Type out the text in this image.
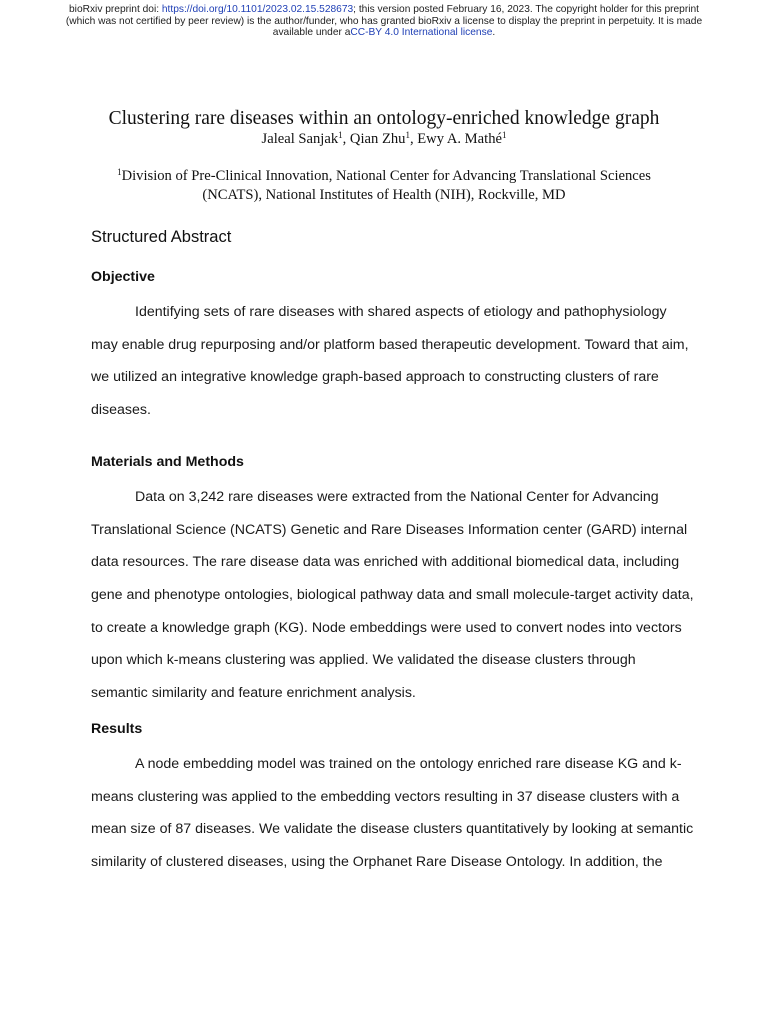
bioRxiv preprint doi: https://doi.org/10.1101/2023.02.15.528673; this version posted February 16, 2023. The copyright holder for this preprint
(which was not certified by peer review) is the author/funder, who has granted bioRxiv a license to display the preprint in perpetuity. It is made
available under aCC-BY 4.0 International license.
Clustering rare diseases within an ontology-enriched knowledge graph
Jaleal Sanjak$^1$, Qian Zhu$^1$, Ewy A. Mathé$^1$
$^1$Division of Pre-Clinical Innovation, National Center for Advancing Translational Sciences
(NCATS), National Institutes of Health (NIH), Rockville, MD
Structured Abstract
Objective
Identifying sets of rare diseases with shared aspects of etiology and pathophysiology
may enable drug repurposing and/or platform based therapeutic development. Toward that aim,
we utilized an integrative knowledge graph-based approach to constructing clusters of rare
diseases.
Materials and Methods
Data on 3,242 rare diseases were extracted from the National Center for Advancing
Translational Science (NCATS) Genetic and Rare Diseases Information center (GARD) internal
data resources. The rare disease data was enriched with additional biomedical data, including
gene and phenotype ontologies, biological pathway data and small molecule-target activity data,
to create a knowledge graph (KG). Node embeddings were used to convert nodes into vectors
upon which k-means clustering was applied. We validated the disease clusters through
semantic similarity and feature enrichment analysis.
Results
A node embedding model was trained on the ontology enriched rare disease KG and k-
means clustering was applied to the embedding vectors resulting in 37 disease clusters with a
mean size of 87 diseases. We validate the disease clusters quantitatively by looking at semantic
similarity of clustered diseases, using the Orphanet Rare Disease Ontology. In addition, the
